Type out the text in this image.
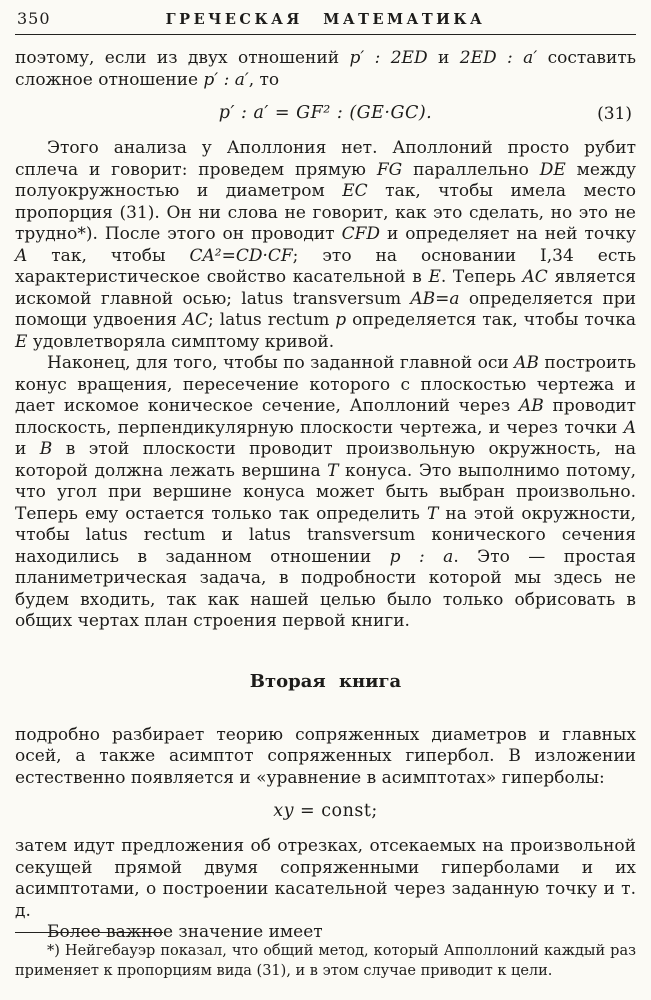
350	ГРЕЧЕСКАЯ МАТЕМАТИКА

поэтому, если из двух отношений p′ : 2ED и 2ED : a′ составить сложное отношение p′ : a′, то

p′ : a′ = GF² : (GE·GC).	(31)

Этого анализа у Аполлония нет. Аполлоний просто рубит сплеча и говорит: проведем прямую FG параллельно DE между полуокружностью и диаметром EC так, чтобы имела место пропорция (31). Он ни слова не говорит, как это сделать, но это не трудно*). После этого он проводит CFD и определяет на ней точку A так, чтобы CA²=CD·CF; это на основании I,34 есть характеристическое свойство касательной в E. Теперь AC является искомой главной осью; latus transversum AB=a определяется при помощи удвоения AC; latus rectum p определяется так, чтобы точка E удовлетворяла симптому кривой.

Наконец, для того, чтобы по заданной главной оси AB построить конус вращения, пересечение которого с плоскостью чертежа и дает искомое коническое сечение, Аполлоний через AB проводит плоскость, перпендикулярную плоскости чертежа, и через точки A и B в этой плоскости проводит произвольную окружность, на которой должна лежать вершина T конуса. Это выполнимо потому, что угол при вершине конуса может быть выбран произвольно. Теперь ему остается только так определить T на этой окружности, чтобы latus rectum и latus transversum конического сечения находились в заданном отношении p : a. Это — простая планиметрическая задача, в подробности которой мы здесь не будем входить, так как нашей целью было только обрисовать в общих чертах план строения первой книги.

Вторая книга

подробно разбирает теорию сопряженных диаметров и главных осей, а также асимптот сопряженных гипербол. В изложении естественно появляется и «уравнение в асимптотах» гиперболы:

xy = const;

затем идут предложения об отрезках, отсекаемых на произвольной секущей прямой двумя сопряженными гиперболами и их асимптотами, о построении касательной через заданную точку и т. д.

Более важное значение имеет

*) Нейгебауэр показал, что общий метод, который Апполлоний каждый раз применяет к пропорциям вида (31), и в этом случае приводит к цели.
